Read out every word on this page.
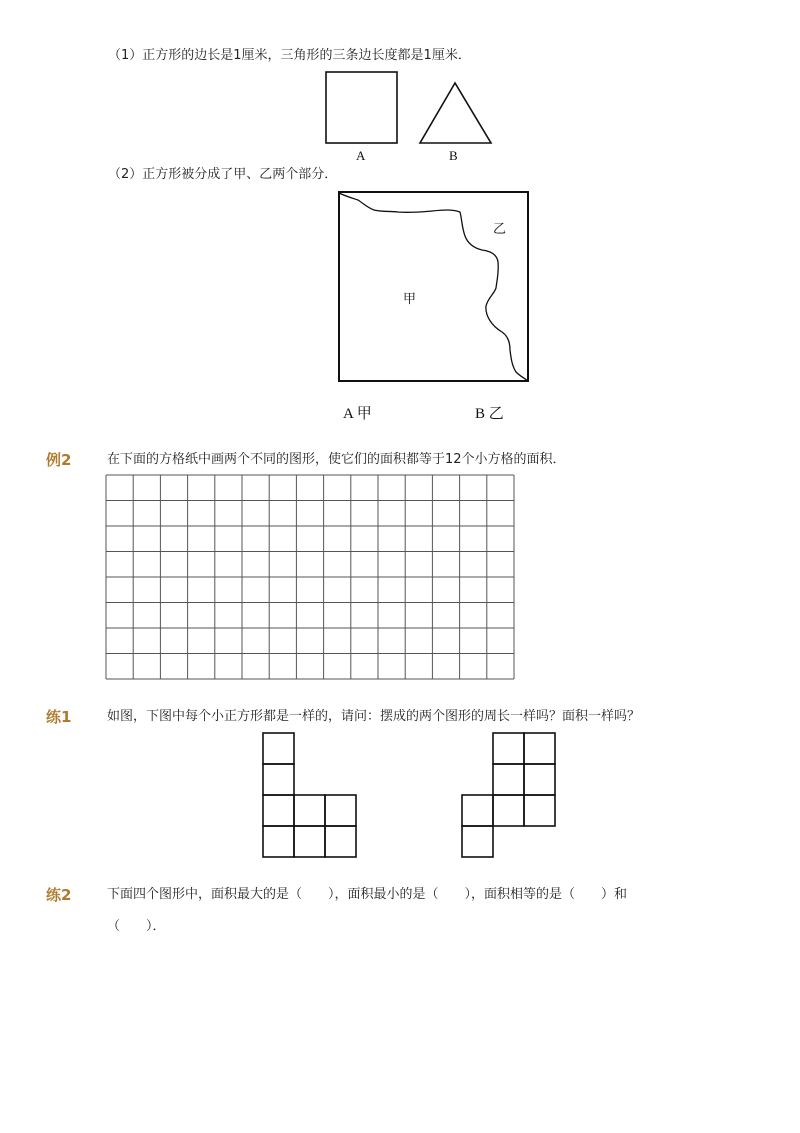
（1）正方形的边长是1厘米，三角形的三条边长度都是1厘米．
A	B
（2）正方形被分成了甲、乙两个部分．
甲
乙
A 甲	B 乙
例2	在下面的方格纸中画两个不同的图形，使它们的面积都等于12个小方格的面积．
练1	如图，下图中每个小正方形都是一样的，请问：摆成的两个图形的周长一样吗？面积一样吗？
练2	下面四个图形中，面积最大的是（　　），面积最小的是（　　），面积相等的是（　　）和
（　　）．
